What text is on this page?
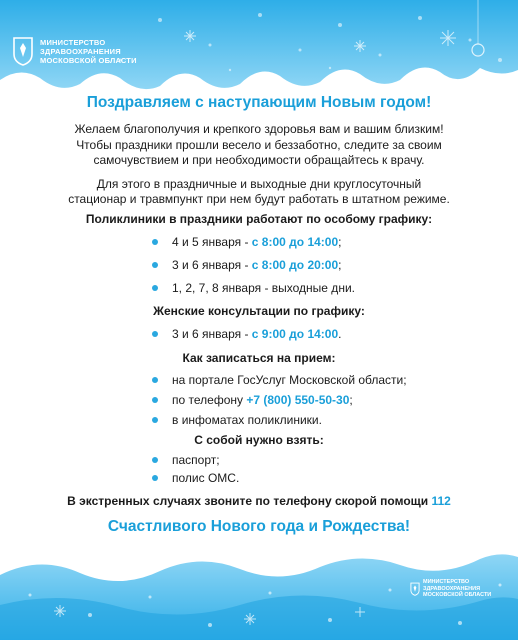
МИНИСТЕРСТВО
ЗДРАВООХРАНЕНИЯ
МОСКОВСКОЙ ОБЛАСТИ
Поздравляем с наступающим Новым годом!
Желаем благополучия и крепкого здоровья вам и вашим близким!
Чтобы праздники прошли весело и беззаботно, следите за своим
самочувствием и при необходимости обращайтесь к врачу.
Для этого в праздничные и выходные дни круглосуточный
стационар и травмпункт при нем будут работать в штатном режиме.
Поликлиники в праздники работают по особому графику:
4 и 5 января - с 8:00 до 14:00;
3 и 6 января - с 8:00 до 20:00;
1, 2, 7, 8 января - выходные дни.
Женские консультации по графику:
3 и 6 января - с 9:00 до 14:00.
Как записаться на прием:
на портале ГосУслуг Московской области;
по телефону +7 (800) 550-50-30;
в инфоматах поликлиники.
С собой нужно взять:
паспорт;
полис ОМС.
В экстренных случаях звоните по телефону скорой помощи 112
Счастливого Нового года и Рождества!
МИНИСТЕРСТВО
ЗДРАВООХРАНЕНИЯ
МОСКОВСКОЙ ОБЛАСТИ
